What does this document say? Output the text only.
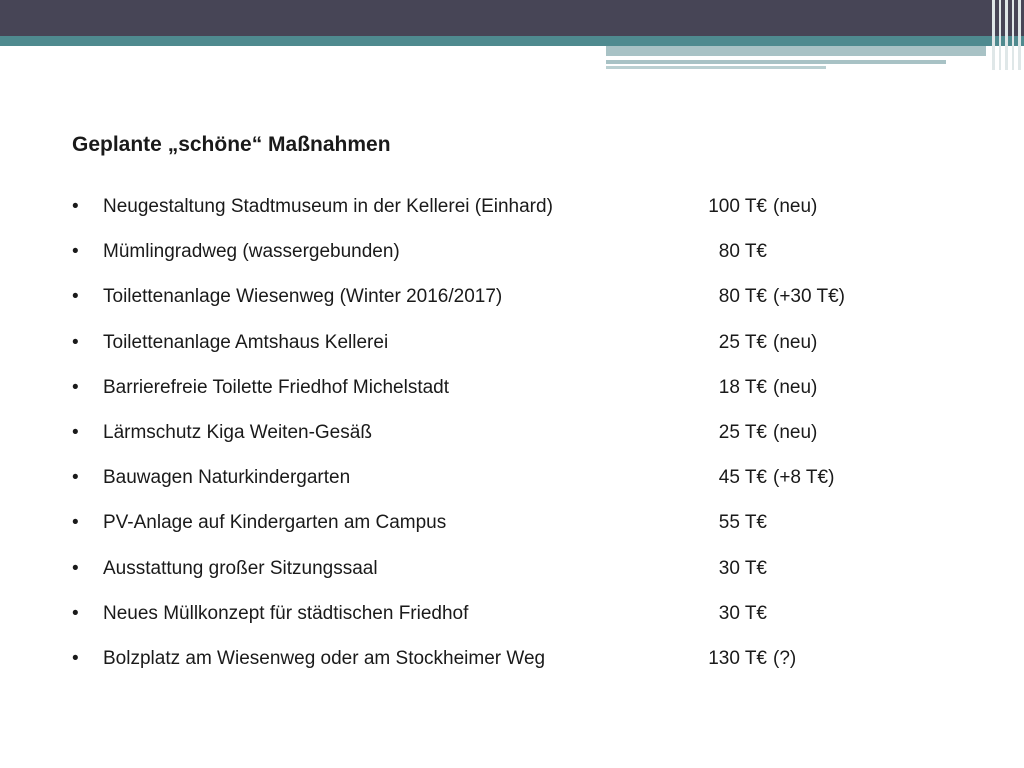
Geplante „schöne“ Maßnahmen
•	Neugestaltung Stadtmuseum in der Kellerei (Einhard)	100 T€ (neu)
•	Mümlingradweg (wassergebunden)	80 T€
•	Toilettenanlage Wiesenweg (Winter 2016/2017)	80 T€ (+30 T€)
•	Toilettenanlage Amtshaus Kellerei	25 T€ (neu)
•	Barrierefreie Toilette Friedhof Michelstadt	18 T€ (neu)
•	Lärmschutz Kiga Weiten-Gesäß	25 T€ (neu)
•	Bauwagen Naturkindergarten	45 T€ (+8 T€)
•	PV-Anlage auf Kindergarten am Campus	55 T€
•	Ausstattung großer Sitzungssaal	30 T€
•	Neues Müllkonzept für städtischen Friedhof	30 T€
•	Bolzplatz am Wiesenweg oder am Stockheimer Weg	130 T€ (?)
